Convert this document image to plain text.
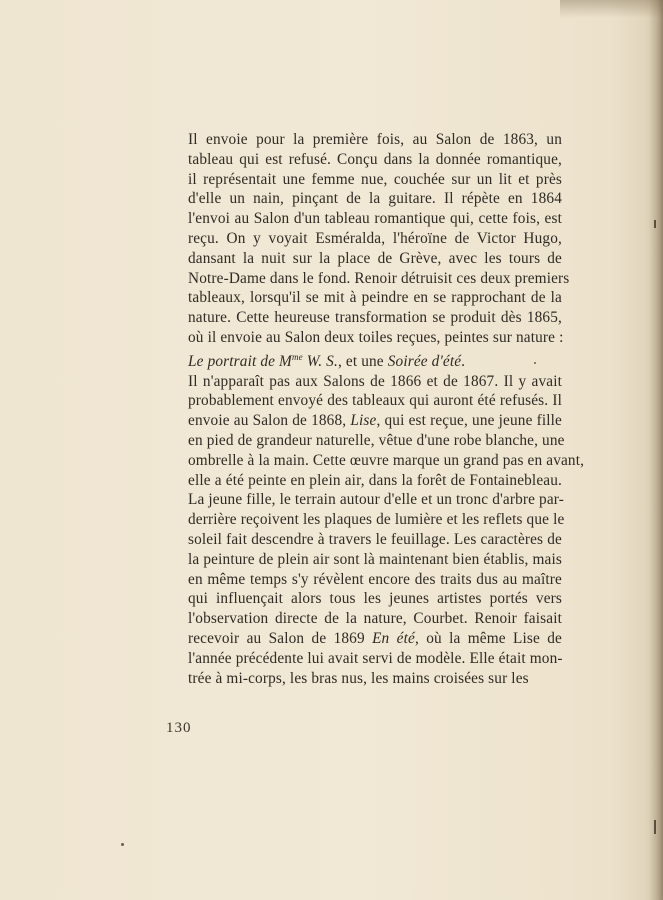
Il envoie pour la première fois, au Salon de 1863, un
tableau qui est refusé. Conçu dans la donnée romantique,
il représentait une femme nue, couchée sur un lit et près
d'elle un nain, pinçant de la guitare. Il répète en 1864
l'envoi au Salon d'un tableau romantique qui, cette fois, est
reçu. On y voyait Esméralda, l'héroïne de Victor Hugo,
dansant la nuit sur la place de Grève, avec les tours de
Notre-Dame dans le fond. Renoir détruisit ces deux premiers
tableaux, lorsqu'il se mit à peindre en se rapprochant de la
nature. Cette heureuse transformation se produit dès 1865,
où il envoie au Salon deux toiles reçues, peintes sur nature :
Le portrait de $M^{me}$ W. S., et une Soirée d'été.

Il n'apparaît pas aux Salons de 1866 et de 1867. Il y avait
probablement envoyé des tableaux qui auront été refusés. Il
envoie au Salon de 1868, Lise, qui est reçue, une jeune fille
en pied de grandeur naturelle, vêtue d'une robe blanche, une
ombrelle à la main. Cette œuvre marque un grand pas en avant,
elle a été peinte en plein air, dans la forêt de Fontainebleau.
La jeune fille, le terrain autour d'elle et un tronc d'arbre par-
derrière reçoivent les plaques de lumière et les reflets que le
soleil fait descendre à travers le feuillage. Les caractères de
la peinture de plein air sont là maintenant bien établis, mais
en même temps s'y révèlent encore des traits dus au maître
qui influençait alors tous les jeunes artistes portés vers
l'observation directe de la nature, Courbet. Renoir faisait
recevoir au Salon de 1869 En été, où la même Lise de
l'année précédente lui avait servi de modèle. Elle était mon-
trée à mi-corps, les bras nus, les mains croisées sur les

130
